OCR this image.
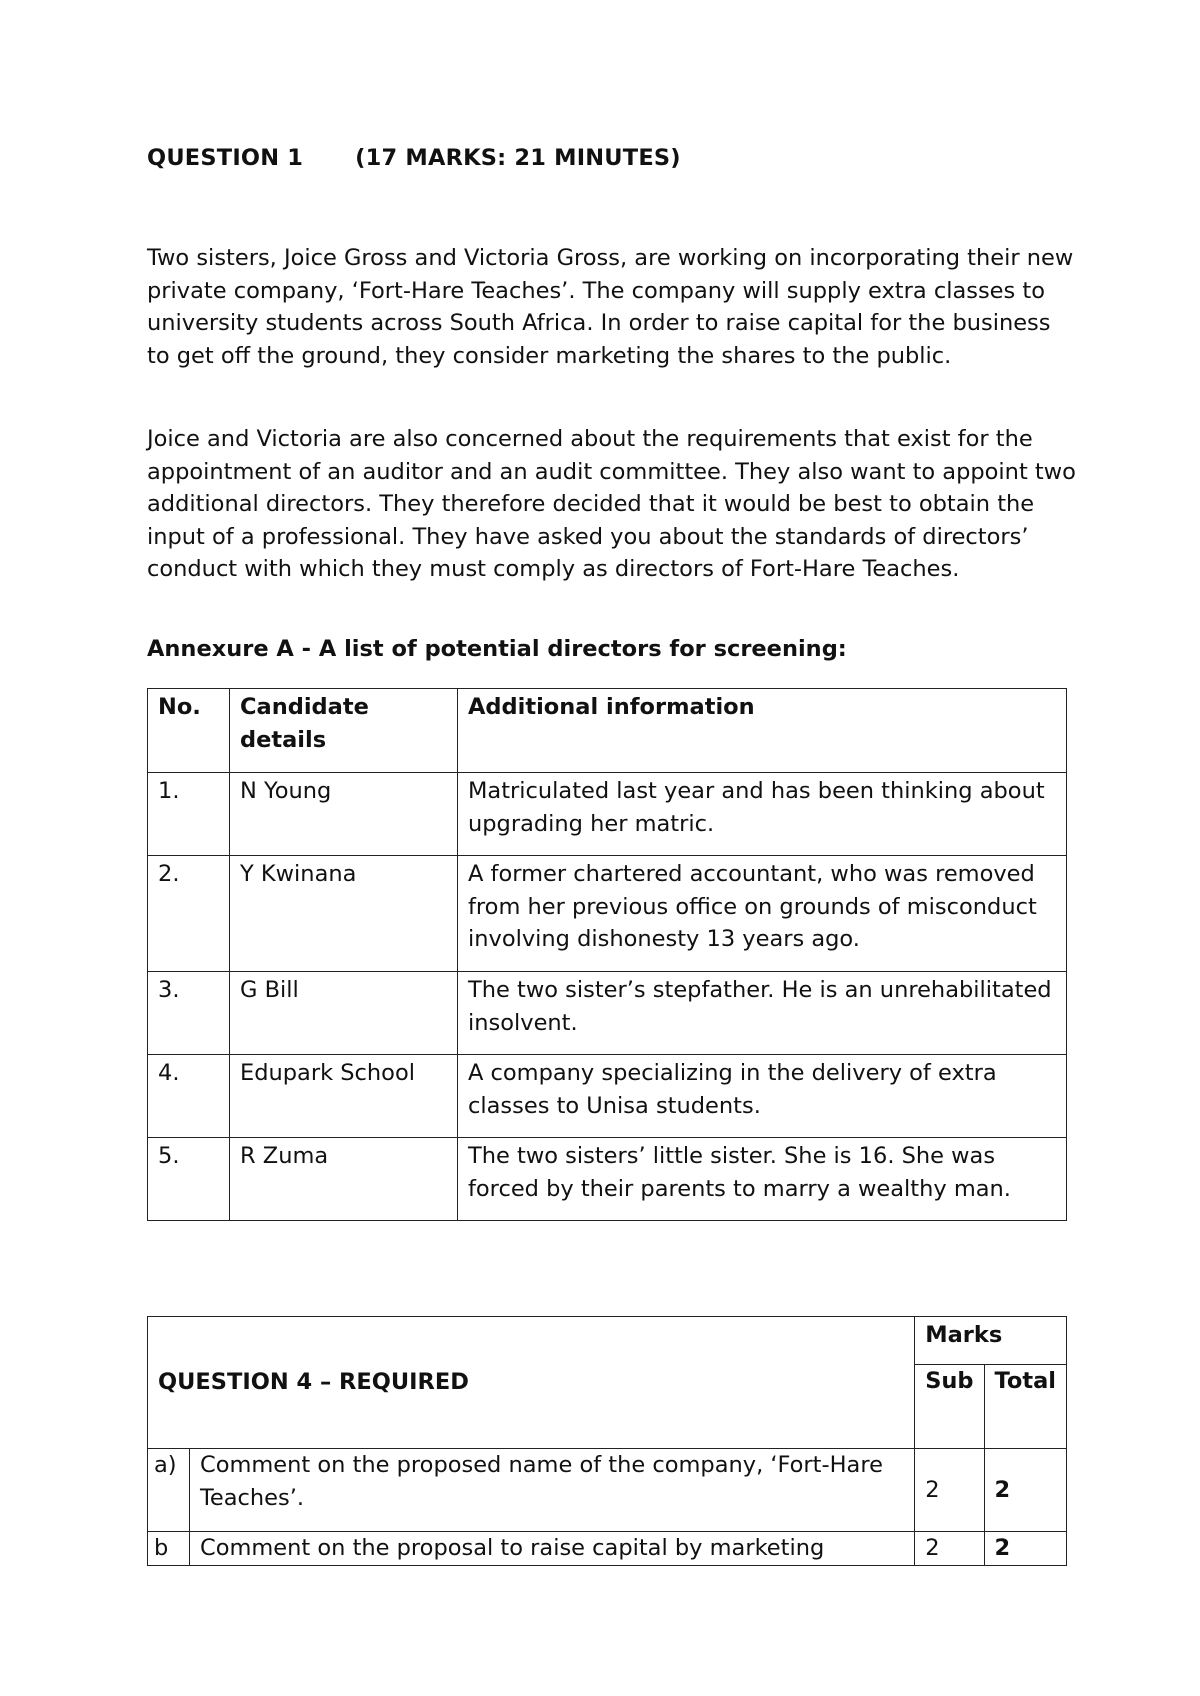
QUESTION 1 (17 MARKS: 21 MINUTES)

Two sisters, Joice Gross and Victoria Gross, are working on incorporating their new private company, ‘Fort-Hare Teaches’. The company will supply extra classes to university students across South Africa. In order to raise capital for the business to get off the ground, they consider marketing the shares to the public.

Joice and Victoria are also concerned about the requirements that exist for the appointment of an auditor and an audit committee. They also want to appoint two additional directors. They therefore decided that it would be best to obtain the input of a professional. They have asked you about the standards of directors’ conduct with which they must comply as directors of Fort-Hare Teaches.

Annexure A - A list of potential directors for screening:
No.	Candidate details	Additional information
1.	N Young	Matriculated last year and has been thinking about upgrading her matric.
2.	Y Kwinana	A former chartered accountant, who was removed from her previous office on grounds of misconduct involving dishonesty 13 years ago.
3.	G Bill	The two sister’s stepfather. He is an unrehabilitated insolvent.
4.	Edupark School	A company specializing in the delivery of extra classes to Unisa students.
5.	R Zuma	The two sisters’ little sister. She is 16. She was forced by their parents to marry a wealthy man.
QUESTION 4 – REQUIRED		Marks	
		Sub	Total
a)	Comment on the proposed name of the company, ‘Fort-Hare Teaches’.	2	2
b	Comment on the proposal to raise capital by marketing	2	2
